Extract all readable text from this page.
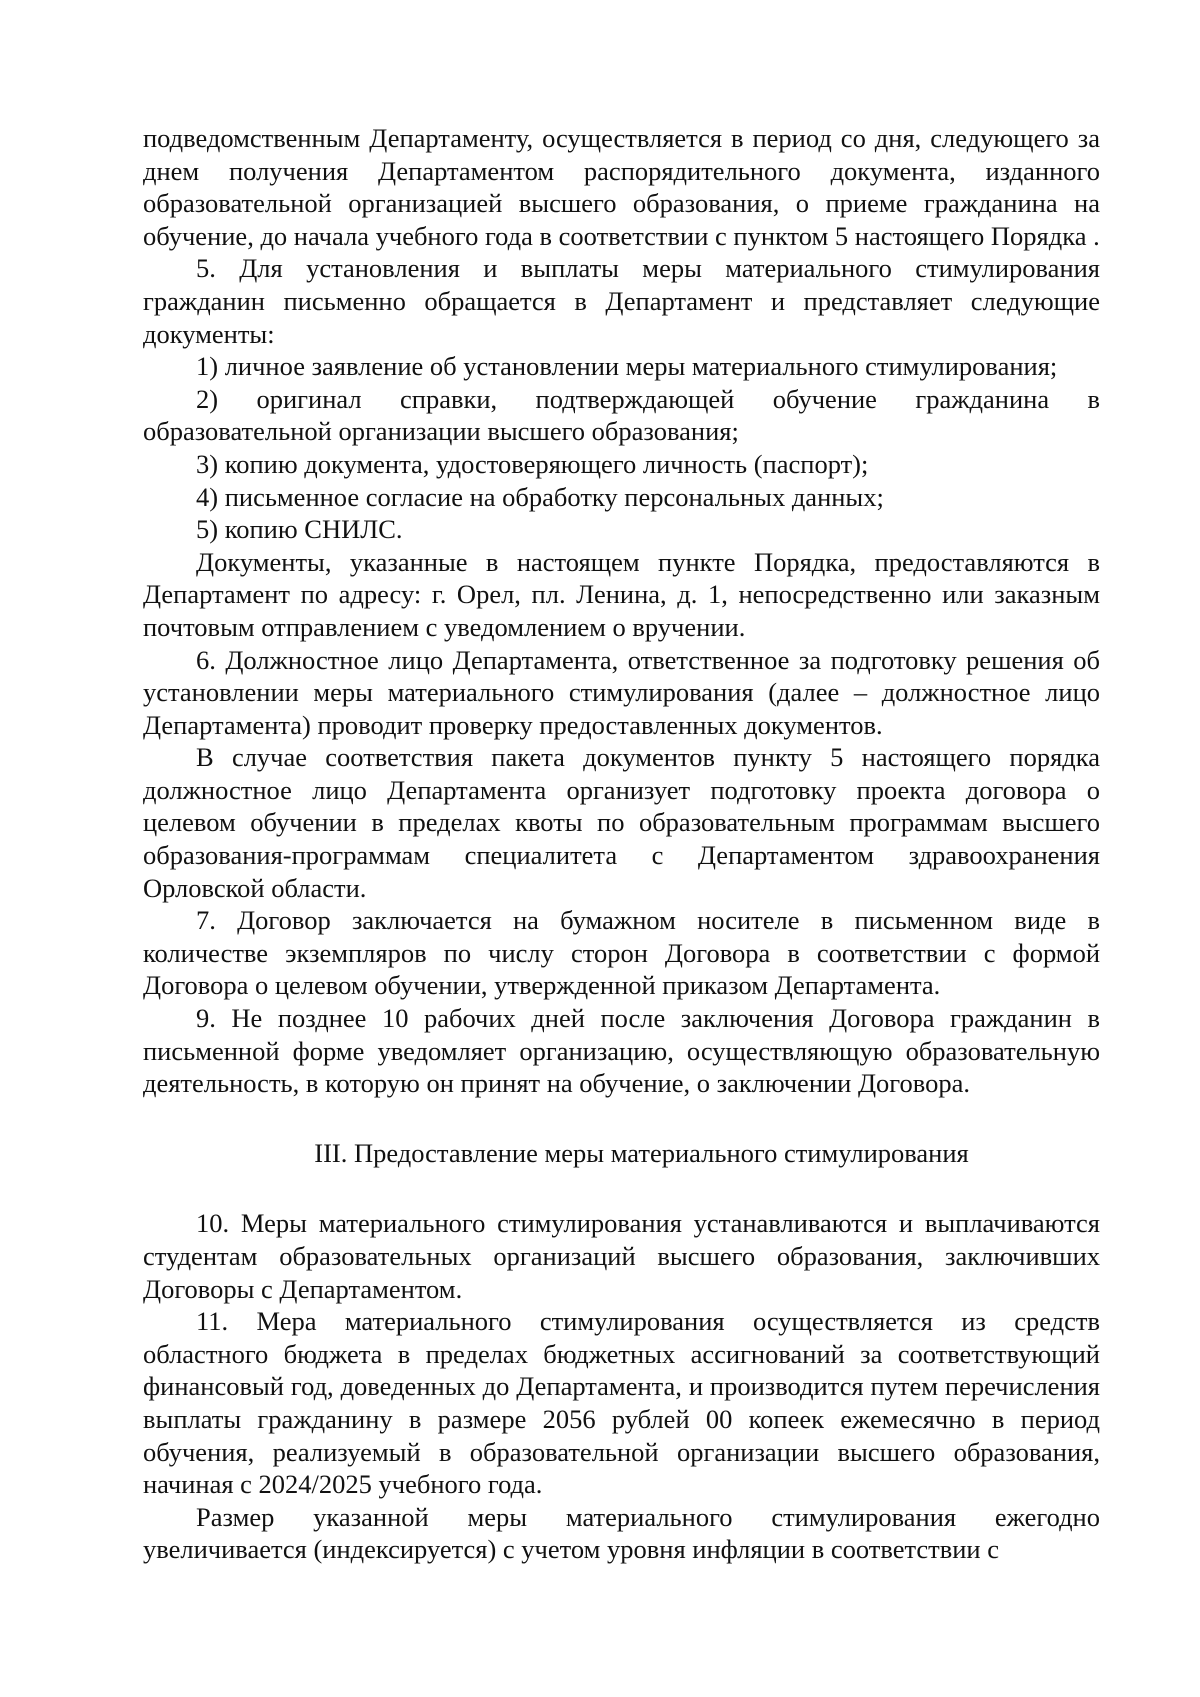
подведомственным Департаменту, осуществляется в период со дня, следующего за днем получения Департаментом распорядительного документа, изданного образовательной организацией высшего образования, о приеме гражданина на обучение, до начала учебного года в соответствии с пунктом 5 настоящего Порядка .

5. Для установления и выплаты меры материального стимулирования гражданин письменно обращается в Департамент и представляет следующие документы:

1) личное заявление об установлении меры материального стимулирования;

2) оригинал справки, подтверждающей обучение гражданина в образовательной организации высшего образования;

3) копию документа, удостоверяющего личность (паспорт);

4) письменное согласие на обработку персональных данных;

5) копию СНИЛС.

Документы, указанные в настоящем пункте Порядка, предоставляются в Департамент по адресу: г. Орел, пл. Ленина, д. 1, непосредственно или заказным почтовым отправлением с уведомлением о вручении.

6. Должностное лицо Департамента, ответственное за подготовку решения об установлении меры материального стимулирования (далее – должностное лицо Департамента) проводит проверку предоставленных документов.

В случае соответствия пакета документов пункту 5 настоящего порядка должностное лицо Департамента организует подготовку проекта договора о целевом обучении в пределах квоты по образовательным программам высшего образования-программам специалитета с Департаментом здравоохранения Орловской области.

7. Договор заключается на бумажном носителе в письменном виде в количестве экземпляров по числу сторон Договора в соответствии с формой Договора о целевом обучении, утвержденной приказом Департамента.

9. Не позднее 10 рабочих дней после заключения Договора гражданин в письменной форме уведомляет организацию, осуществляющую образовательную деятельность, в которую он принят на обучение, о заключении Договора.

III. Предоставление меры материального стимулирования

10. Меры материального стимулирования устанавливаются и выплачиваются студентам образовательных организаций высшего образования, заключивших Договоры с Департаментом.

11. Мера материального стимулирования осуществляется из средств областного бюджета в пределах бюджетных ассигнований за соответствующий финансовый год, доведенных до Департамента, и производится путем перечисления выплаты гражданину в размере 2056 рублей 00 копеек ежемесячно в период обучения, реализуемый в образовательной организации высшего образования, начиная с 2024/2025 учебного года.

Размер указанной меры материального стимулирования ежегодно увеличивается (индексируется) с учетом уровня инфляции в соответствии с
